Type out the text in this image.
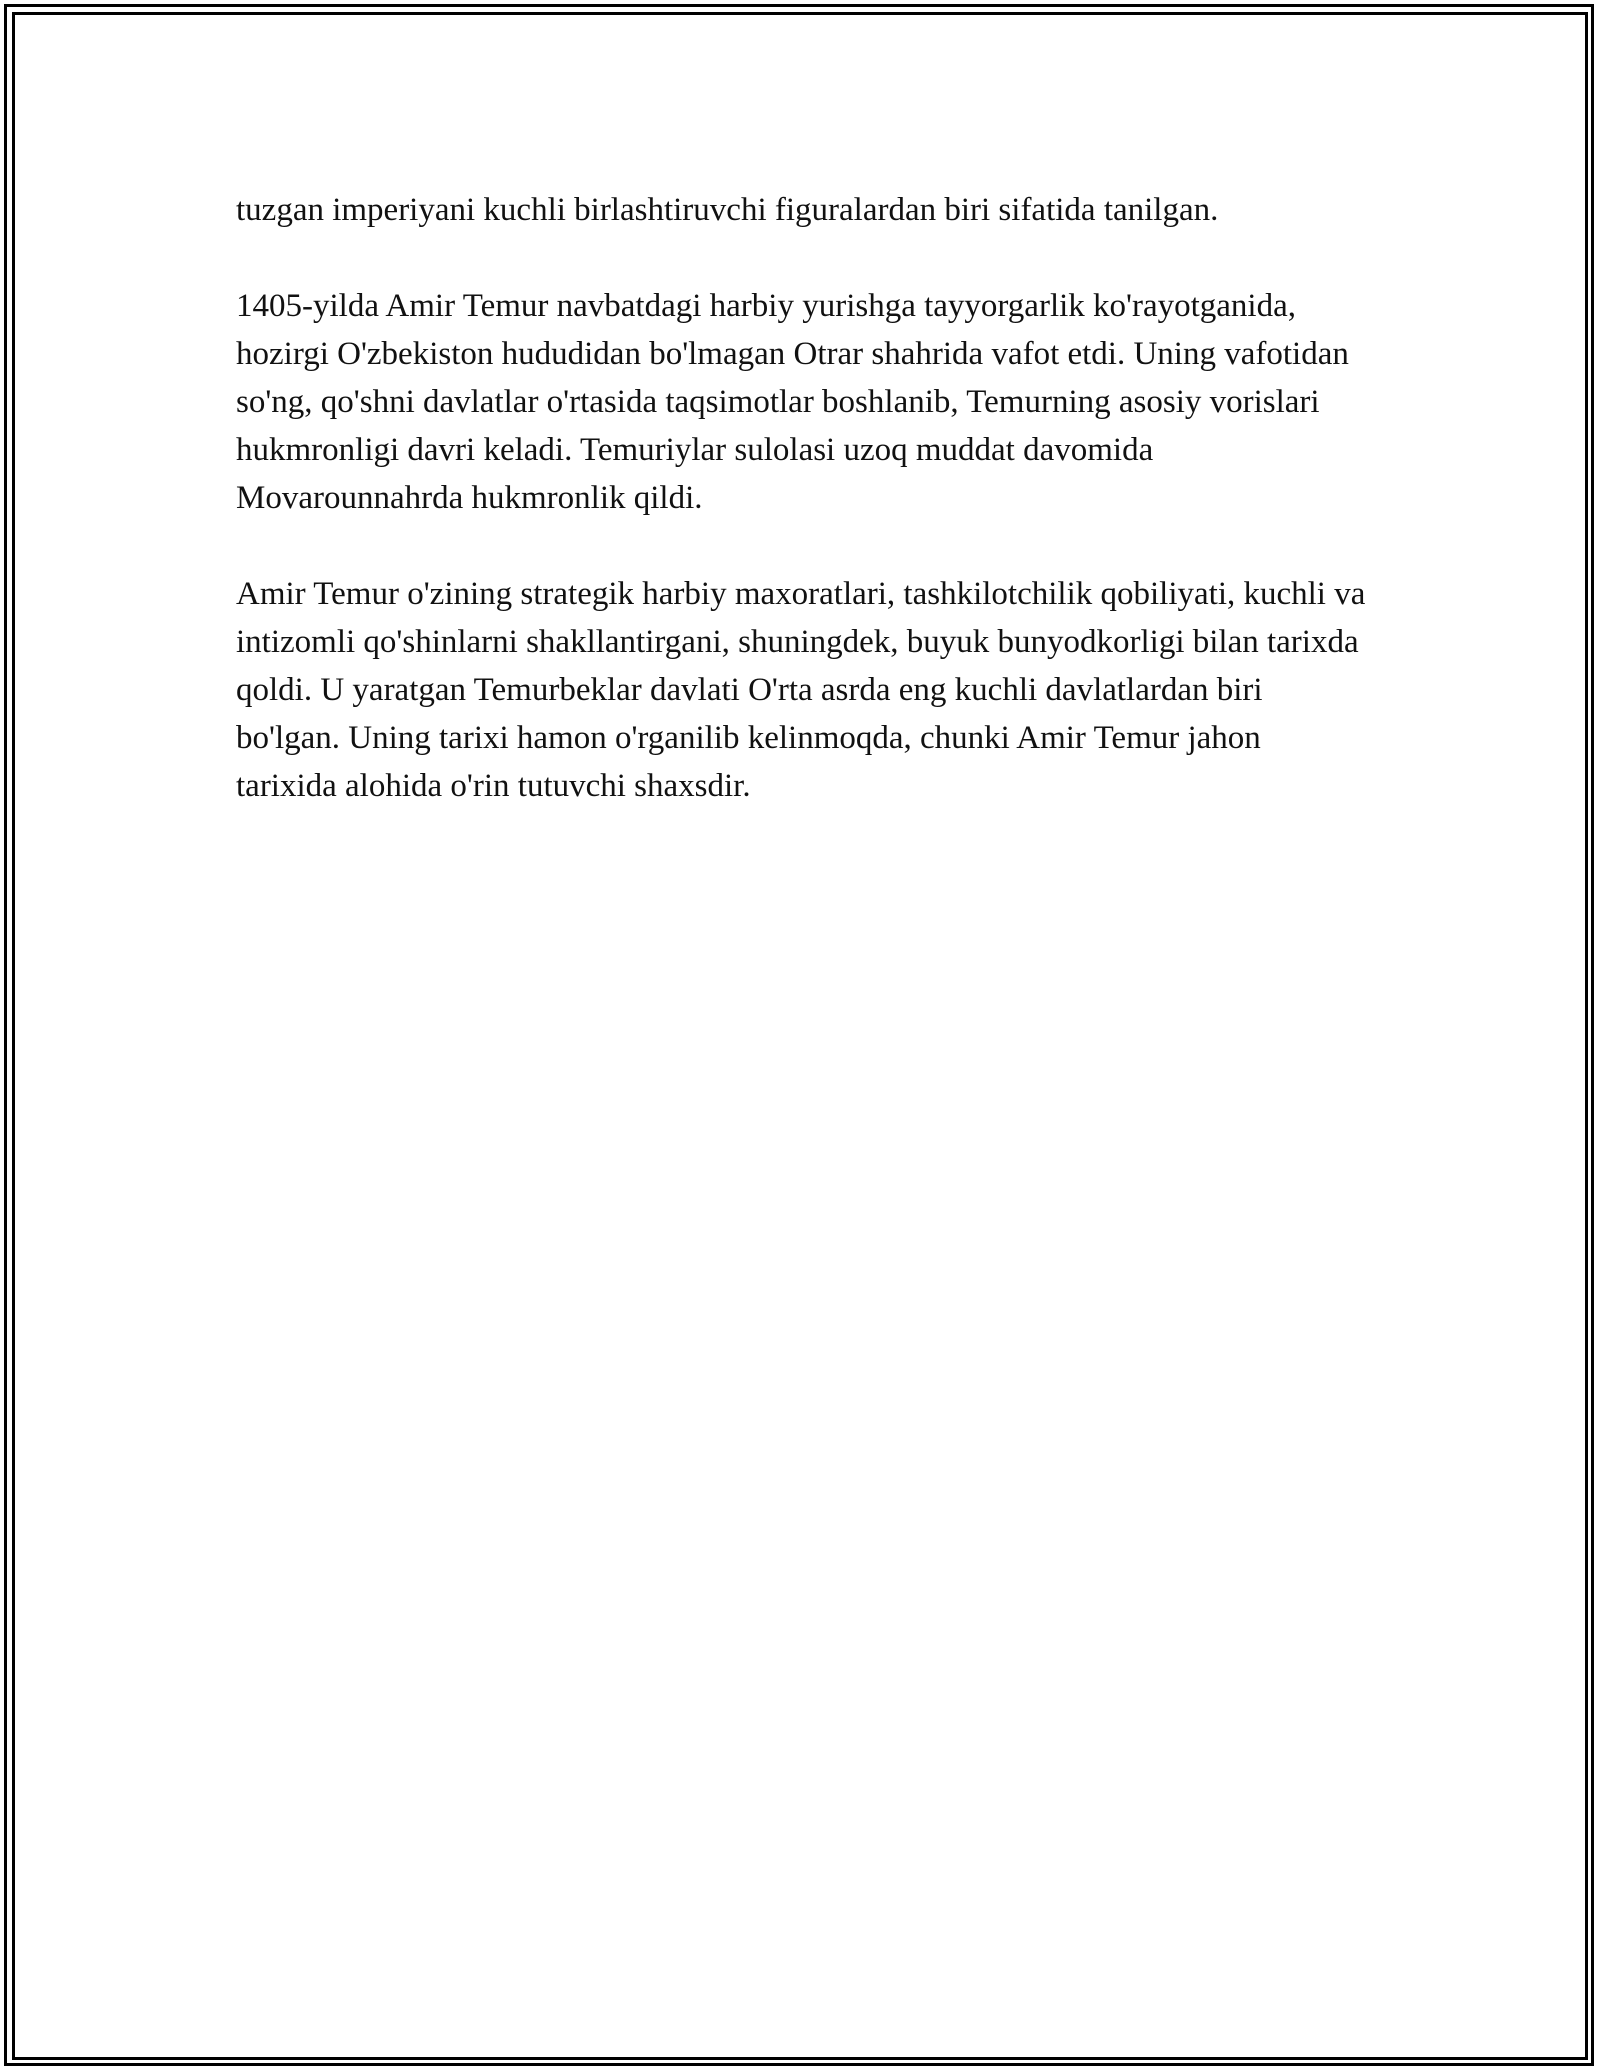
tuzgan imperiyani kuchli birlashtiruvchi figuralardan biri sifatida tanilgan.

1405-yilda Amir Temur navbatdagi harbiy yurishga tayyorgarlik ko'rayotganida, hozirgi O'zbekiston hududidan bo'lmagan Otrar shahrida vafot etdi. Uning vafotidan so'ng, qo'shni davlatlar o'rtasida taqsimotlar boshlanib, Temurning asosiy vorislari hukmronligi davri keladi. Temuriylar sulolasi uzoq muddat davomida Movarounnahrda hukmronlik qildi.

Amir Temur o'zining strategik harbiy maxoratlari, tashkilotchilik qobiliyati, kuchli va intizomli qo'shinlarni shakllantirgani, shuningdek, buyuk bunyodkorligi bilan tarixda qoldi. U yaratgan Temurbeklar davlati O'rta asrda eng kuchli davlatlardan biri bo'lgan. Uning tarixi hamon o'rganilib kelinmoqda, chunki Amir Temur jahon tarixida alohida o'rin tutuvchi shaxsdir.
